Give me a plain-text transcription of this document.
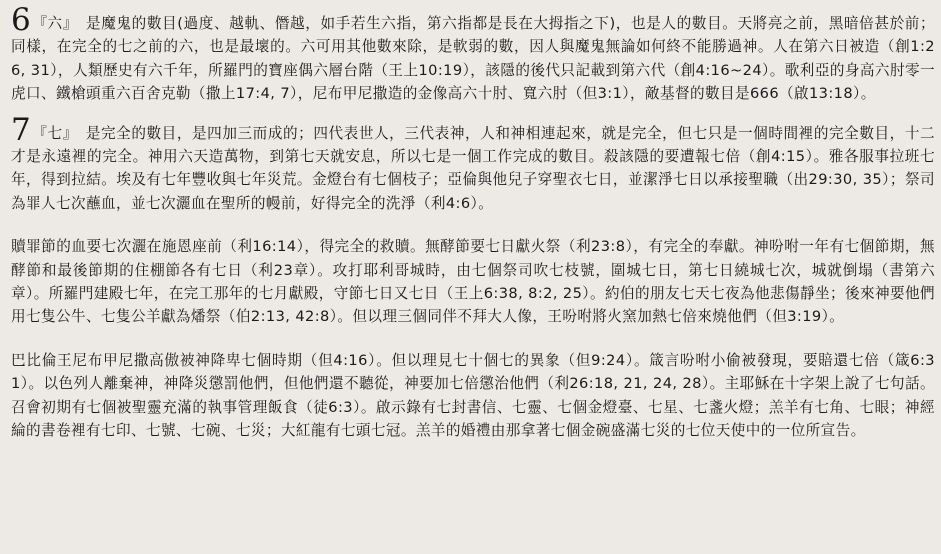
6『六』 是魔鬼的數目(過度、越軌、僭越，如手若生六指，第六指都是長在大拇指之下)，也是人的數目。天將亮之前，黑暗倍甚於前；同樣，在完全的七之前的六，也是最壞的。六可用其他數來除，是軟弱的數，因人與魔鬼無論如何終不能勝過神。人在第六日被造（創1:26, 31），人類歷史有六千年，所羅門的寶座偶六層台階（王上10:19），該隱的後代只記載到第六代（創4:16~24）。歌利亞的身高六肘零一虎口、鐵槍頭重六百舍克勒（撒上17:4, 7），尼布甲尼撒造的金像高六十肘、寬六肘（但3:1），敵基督的數目是666（啟13:18）。

7『七』 是完全的數目，是四加三而成的；四代表世人，三代表神，人和神相連起來，就是完全，但七只是一個時間裡的完全數目，十二才是永遠裡的完全。神用六天造萬物，到第七天就安息，所以七是一個工作完成的數目。殺該隱的要遭報七倍（創4:15）。雅各服事拉班七年，得到拉結。埃及有七年豐收與七年災荒。金燈台有七個枝子；亞倫與他兒子穿聖衣七日，並潔淨七日以承接聖職（出29:30, 35）；祭司為罪人七次蘸血，並七次灑血在聖所的幔前，好得完全的洗淨（利4:6）。

贖罪節的血要七次灑在施恩座前（利16:14），得完全的救贖。無酵節要七日獻火祭（利23:8），有完全的奉獻。神吩咐一年有七個節期，無酵節和最後節期的住棚節各有七日（利23章）。攻打耶利哥城時，由七個祭司吹七枝號，圍城七日，第七日繞城七次，城就倒塌（書第六章）。所羅門建殿七年，在完工那年的七月獻殿，守節七日又七日（王上6:38, 8:2, 25）。約伯的朋友七天七夜為他悲傷靜坐；後來神要他們用七隻公牛、七隻公羊獻為燔祭（伯2:13, 42:8）。但以理三個同伴不拜大人像，王吩咐將火窯加熱七倍來燒他們（但3:19）。

巴比倫王尼布甲尼撒高傲被神降卑七個時期（但4:16）。但以理見七十個七的異象（但9:24）。箴言吩咐小偷被發現，要賠還七倍（箴6:31）。以色列人離棄神，神降災懲罰他們，但他們還不聽從，神要加七倍懲治他們（利26:18, 21, 24, 28）。主耶穌在十字架上說了七句話。召會初期有七個被聖靈充滿的執事管理飯食（徒6:3）。啟示錄有七封書信、七靈、七個金燈臺、七星、七盞火燈；羔羊有七角、七眼；神經綸的書卷裡有七印、七號、七碗、七災；大紅龍有七頭七冠。羔羊的婚禮由那拿著七個金碗盛滿七災的七位天使中的一位所宣告。
